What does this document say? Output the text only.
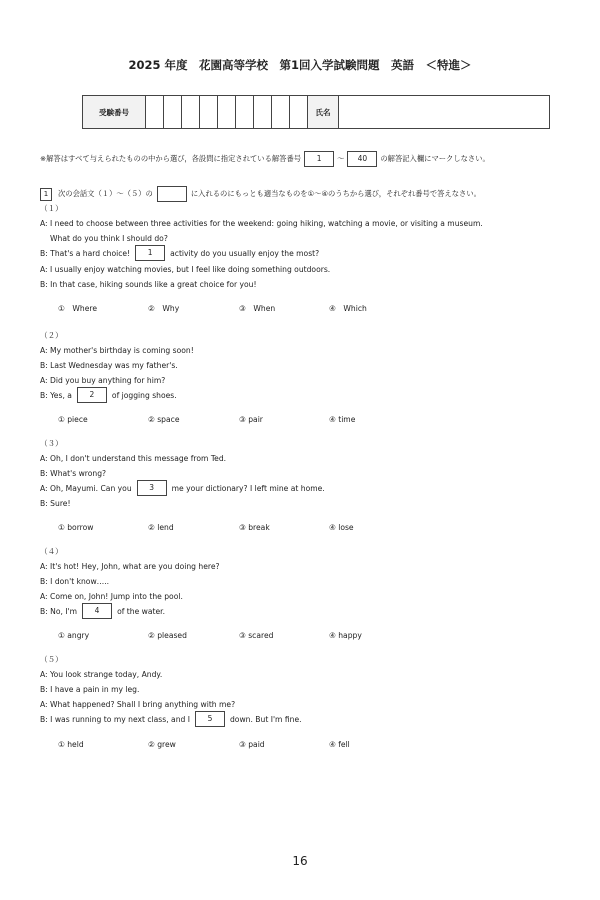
2025 年度　花園高等学校　第1回入学試験問題　英語　＜特進＞
受験番号										氏名	
※解答はすべて与えられたものの中から選び，各設問に指定されている解答番号	1	～	40	の解答記入欄にマークしなさい。
1	次の会話文（１）～（５）の	に入れるのにもっとも適当なものを①～④のうちから選び，それぞれ番号で答えなさい。
（１）
A: I need to choose between three activities for the weekend: going hiking, watching a movie, or visiting a museum.
What do you think I should do?
B: That's a hard choice!	1	activity do you usually enjoy the most?
A: I usually enjoy watching movies, but I feel like doing something outdoors.
B: In that case, hiking sounds like a great choice for you!
①　Where	②　Why	③　When	④　Which
（２）
A: My mother's birthday is coming soon!
B: Last Wednesday was my father's.
A: Did you buy anything for him?
B: Yes, a	2	of jogging shoes.
① piece	② space	③ pair	④ time
（３）
A: Oh, I don't understand this message from Ted.
B: What's wrong?
A: Oh, Mayumi. Can you	3	me your dictionary? I left mine at home.
B: Sure!
① borrow	② lend	③ break	④ lose
（４）
A: It's hot! Hey, John, what are you doing here?
B: I don't know…..
A: Come on, John! Jump into the pool.
B: No, I'm	4	of the water.
① angry	② pleased	③ scared	④ happy
（５）
A: You look strange today, Andy.
B: I have a pain in my leg.
A: What happened? Shall I bring anything with me?
B: I was running to my next class, and I	5	down. But I'm fine.
① held	② grew	③ paid	④ fell
16
